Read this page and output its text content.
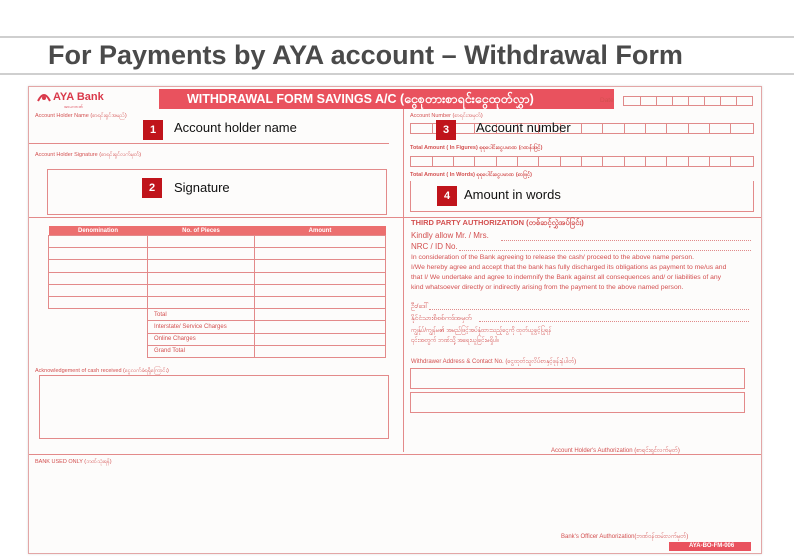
For Payments by AYA account – Withdrawal Form
AYA Bank
အာယာဘဏ်
WITHDRAWAL FORM SAVINGS A/C (ငွေစုတားစာရင်းငွေထုတ်လွှာ)	Date
Account Holder Name (စာရင်းရှင်အမည်)
Account Holder Signature (စာရင်းရှင်လက်မှတ်)
Account Number (စာရင်းအမှတ်)
Total Amount ( In Figures) စုစုပေါင်းငွေပမာဏ (ဂဏန်းဖြင့်)
Total Amount ( In Words) စုစုပေါင်းငွေပမာဏ (စာဖြင့်)
Denomination	No. of Pieces	Amount

	Total	
	Interstate/ Service Charges	
	Online Charges	
	Grand Total	
Acknowledgement of cash received (ငွေလက်ခံရရှိကြောင်း)
THIRD PARTY AUTHORIZATION (တစ်ဆင့်လွှဲအပ်ခြင်း)
Kindly allow Mr. / Mrs.
NRC / ID No.
In consideration of the Bank agreeing to release the cash/ proceed to the above name person.
I/We hereby agree and accept that the bank has fully discharged its obligations as payment to me/us and
that I/ We undertake and agree to indemnify the Bank against all consequences and/ or liabilities of any
kind whatsoever directly or indirectly arising from the payment to the above named person.
ဦး/ဒေါ်
နိုင်ငံသားစိစစ်ကဒ်အမှတ်
ကျွန်ုပ်/ကျွန်မ၏ အမည်ဖြင့်အပ်နှံထားသည့်ငွေကို ထုတ်ယူခွင့်ပြုရန်
၎င်းအတွက် ဘဏ်သို့ အရေးယူခြင်းမရှိပါ။
Withdrawer Address & Contact No. (ငွေထုတ်သူလိပ်စာနှင့်ဖုန်းနံပါတ်)
Account Holder's Authorization (စာရင်းရှင်လက်မှတ်)
BANK USED ONLY (ဘဏ်သုံးရန်)
Bank's Officer Authorization(ဘဏ်ဝန်ထမ်းလက်မှတ်)
AYA-BO-FM-006
1	Account holder name
2	Signature
3	Account number
4	Amount in words
